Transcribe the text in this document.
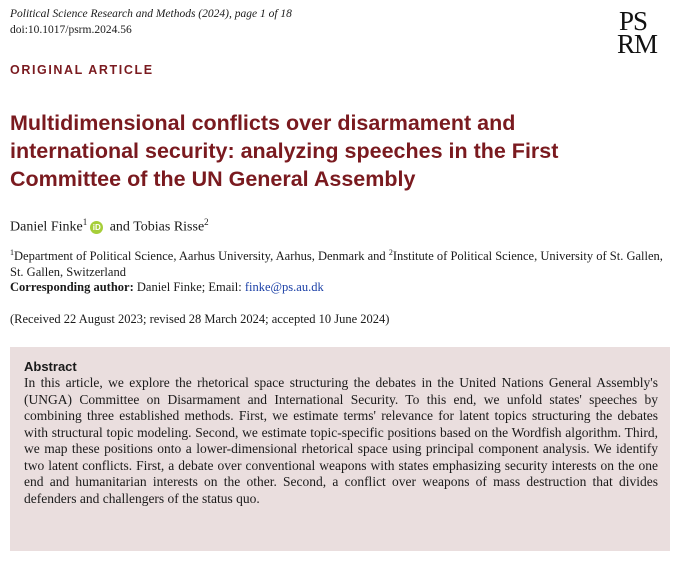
Political Science Research and Methods (2024), page 1 of 18
doi:10.1017/psrm.2024.56	PS
RM
ORIGINAL ARTICLE
Multidimensional conflicts over disarmament and international security: analyzing speeches in the First Committee of the UN General Assembly
Daniel Finke$^1$iD and Tobias Risse$^2$
$^1$Department of Political Science, Aarhus University, Aarhus, Denmark and $^2$Institute of Political Science, University of St. Gallen, St. Gallen, Switzerland
Corresponding author: Daniel Finke; Email: finke@ps.au.dk
(Received 22 August 2023; revised 28 March 2024; accepted 10 June 2024)

Abstract

In this article, we explore the rhetorical space structuring the debates in the United Nations General Assembly's (UNGA) Committee on Disarmament and International Security. To this end, we unfold states' speeches by combining three established methods. First, we estimate terms' relevance for latent topics structuring the debates with structural topic modeling. Second, we estimate topic-specific positions based on the Wordfish algorithm. Third, we map these positions onto a lower-dimensional rhetorical space using principal component analysis. We identify two latent conflicts. First, a debate over conventional weapons with states emphasizing security interests on the one end and humanitarian interests on the other. Second, a conflict over weapons of mass destruction that divides defenders and challengers of the status quo.
